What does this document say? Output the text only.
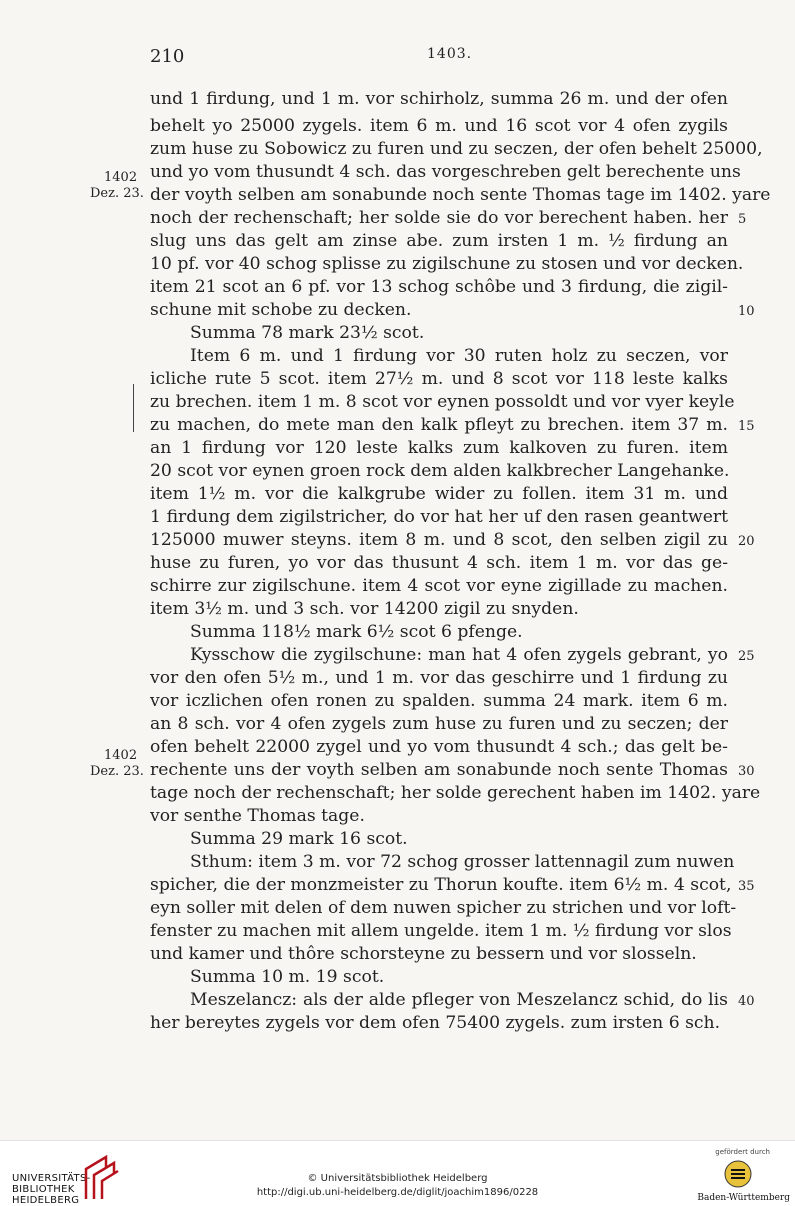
210	1403.
und 1 firdung, und 1 m. vor schirholz, summa 26 m. und der ofen
behelt yo 25000 zygels. item 6 m. und 16 scot vor 4 ofen zygils
zum huse zu Sobowicz zu furen und zu seczen, der ofen behelt 25000,
und yo vom thusundt 4 sch. das vorgeschreben gelt berechente uns
der voyth selben am sonabunde noch sente Thomas tage im 1402. yare
noch der rechenschaft; her solde sie do vor berechent haben. her
slug uns das gelt am zinse abe. zum irsten 1 m. ½ firdung an
10 pf. vor 40 schog splisse zu zigilschune zu stosen und vor decken.
item 21 scot an 6 pf. vor 13 schog schôbe und 3 firdung, die zigil-
schune mit schobe zu decken.
Summa 78 mark 23½ scot.
Item 6 m. und 1 firdung vor 30 ruten holz zu seczen, vor
icliche rute 5 scot. item 27½ m. und 8 scot vor 118 leste kalks
zu brechen. item 1 m. 8 scot vor eynen possoldt und vor vyer keyle
zu machen, do mete man den kalk pfleyt zu brechen. item 37 m.
an 1 firdung vor 120 leste kalks zum kalkoven zu furen. item
20 scot vor eynen groen rock dem alden kalkbrecher Langehanke.
item 1½ m. vor die kalkgrube wider zu follen. item 31 m. und
1 firdung dem zigilstricher, do vor hat her uf den rasen geantwert
125000 muwer steyns. item 8 m. und 8 scot, den selben zigil zu
huse zu furen, yo vor das thusunt 4 sch. item 1 m. vor das ge-
schirre zur zigilschune. item 4 scot vor eyne zigillade zu machen.
item 3½ m. und 3 sch. vor 14200 zigil zu snyden.
Summa 118½ mark 6½ scot 6 pfenge.
Kysschow die zygilschune: man hat 4 ofen zygels gebrant, yo
vor den ofen 5½ m., und 1 m. vor das geschirre und 1 firdung zu
vor iczlichen ofen ronen zu spalden. summa 24 mark. item 6 m.
an 8 sch. vor 4 ofen zygels zum huse zu furen und zu seczen; der
ofen behelt 22000 zygel und yo vom thusundt 4 sch.; das gelt be-
rechente uns der voyth selben am sonabunde noch sente Thomas
tage noch der rechenschaft; her solde gerechent haben im 1402. yare
vor senthe Thomas tage.
Summa 29 mark 16 scot.
Sthum: item 3 m. vor 72 schog grosser lattennagil zum nuwen
spicher, die der monzmeister zu Thorun koufte. item 6½ m. 4 scot,
eyn soller mit delen of dem nuwen spicher zu strichen und vor loft-
fenster zu machen mit allem ungelde. item 1 m. ½ firdung vor slos
und kamer und thôre schorsteyne zu bessern und vor slosseln.
Summa 10 m. 19 scot.
Meszelancz: als der alde pfleger von Meszelancz schid, do lis
her bereytes zygels vor dem ofen 75400 zygels. zum irsten 6 sch.
5
10
15
20
25
30
35
40
1402
Dez. 23.
1402
Dez. 23.
UNIVERSITÄTS-
BIBLIOTHEK
HEIDELBERG
© Universitätsbibliothek Heidelberg
http://digi.ub.uni-heidelberg.de/diglit/joachim1896/0228
gefördert durch
Baden-Württemberg
